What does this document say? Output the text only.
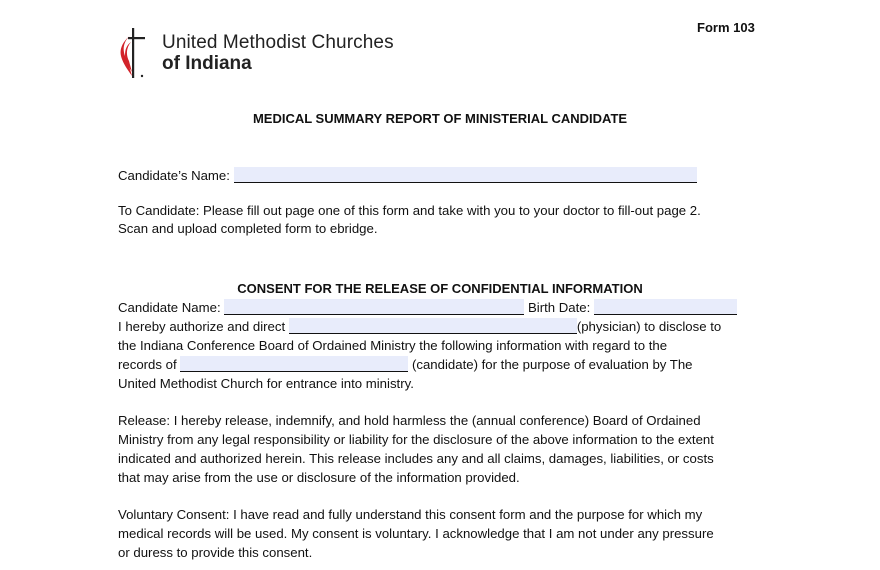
United Methodist Churches
of Indiana
Form 103
MEDICAL SUMMARY REPORT OF MINISTERIAL CANDIDATE
Candidate’s Name:
To Candidate: Please fill out page one of this form and take with you to your doctor to fill-out page 2.
Scan and upload completed form to ebridge.
CONSENT FOR THE RELEASE OF CONFIDENTIAL INFORMATION
Candidate Name:	Birth Date:
I hereby authorize and direct	(physician) to disclose to
the Indiana Conference Board of Ordained Ministry the following information with regard to the
records of	(candidate) for the purpose of evaluation by The
United Methodist Church for entrance into ministry.
Release: I hereby release, indemnify, and hold harmless the (annual conference) Board of Ordained
Ministry from any legal responsibility or liability for the disclosure of the above information to the extent
indicated and authorized herein. This release includes any and all claims, damages, liabilities, or costs
that may arise from the use or disclosure of the information provided.
Voluntary Consent: I have read and fully understand this consent form and the purpose for which my
medical records will be used. My consent is voluntary. I acknowledge that I am not under any pressure
or duress to provide this consent.
